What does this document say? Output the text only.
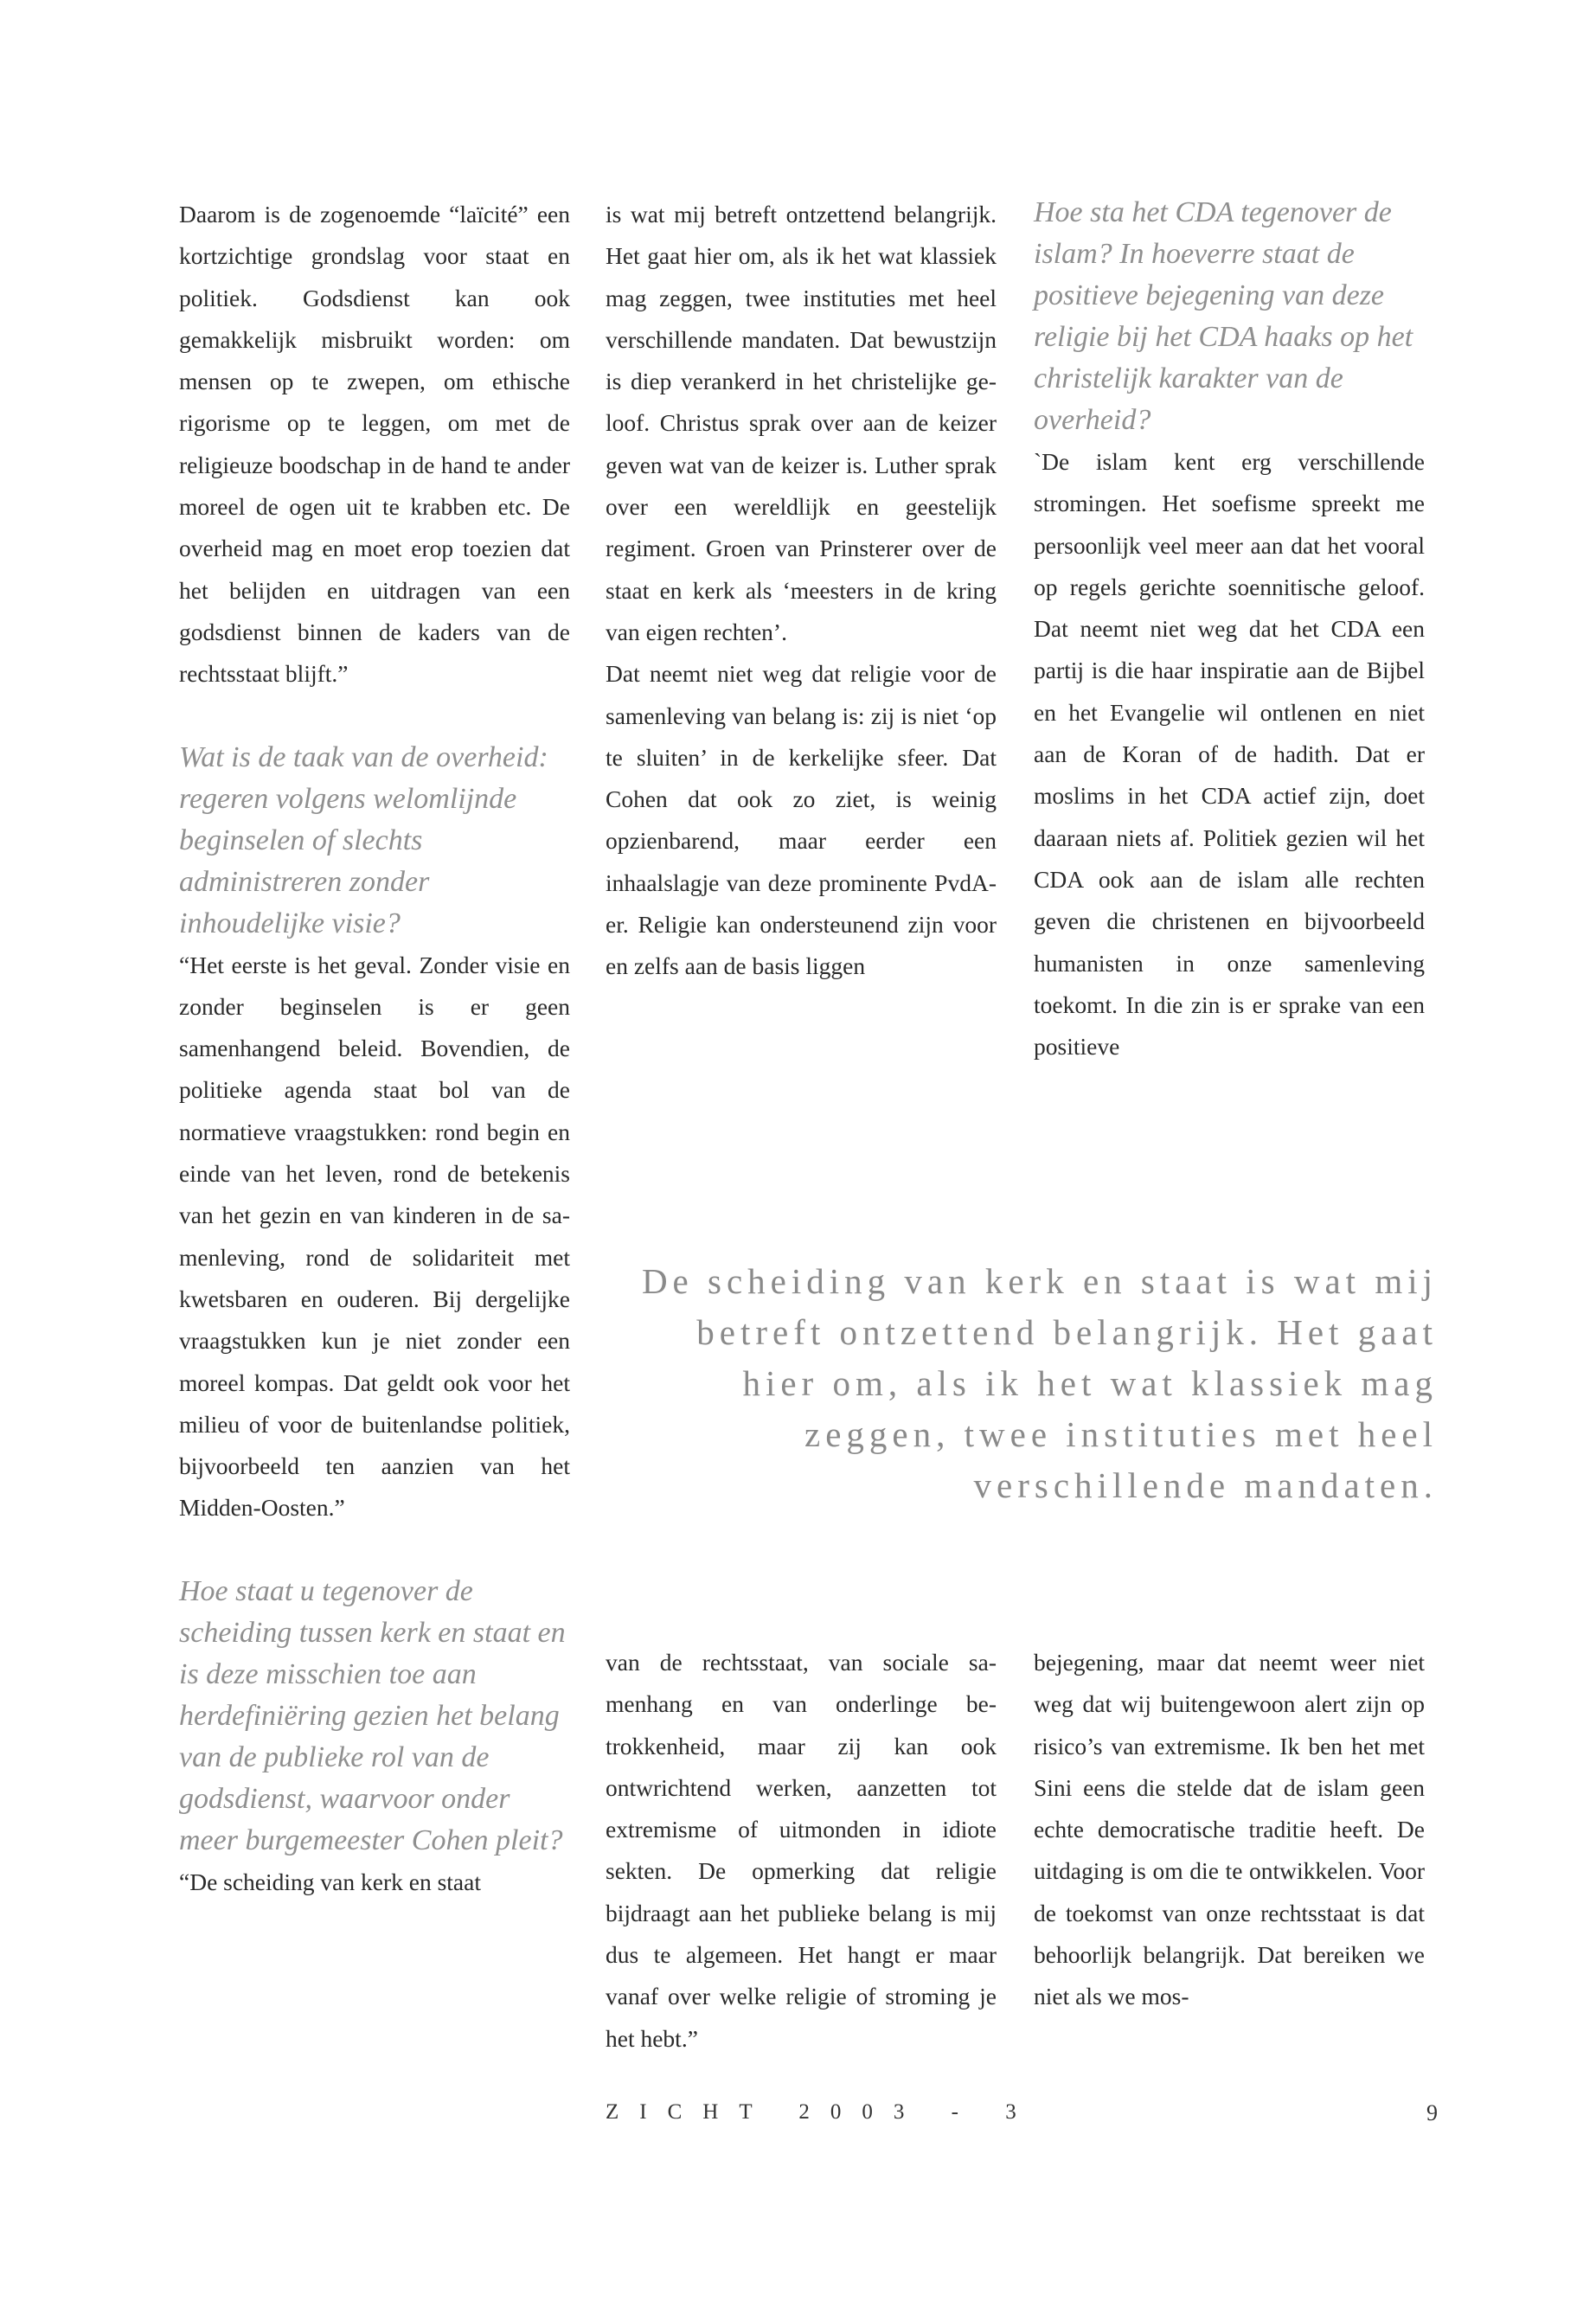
Daarom is de zogenoemde “laïcité” een kortzichtige grondslag voor staat en politiek. Godsdienst kan ook gemakkelijk misbruikt worden: om mensen op te zwepen, om ethische rigorisme op te leggen, om met de religieuze boodschap in de hand te ander moreel de ogen uit te krabben etc. De overheid mag en moet erop toezien dat het belijden en uitdragen van een godsdienst binnen de kaders van de rechtsstaat blijft.”

Wat is de taak van de overheid: regeren volgens welomlijnde beginselen of slechts administreren zonder inhoudelijke visie?

“Het eerste is het geval. Zonder visie en zonder beginselen is er geen samenhangend beleid. Bovendien, de politieke agenda staat bol van de normatieve vraagstukken: rond begin en einde van het leven, rond de betekenis van het gezin en van kinderen in de samenleving, rond de solidariteit met kwetsbaren en ouderen. Bij dergelijke vraagstukken kun je niet zonder een moreel kompas. Dat geldt ook voor het milieu of voor de buitenlandse politiek, bijvoorbeeld ten aanzien van het Midden-Oosten.”

Hoe staat u tegenover de scheiding tussen kerk en staat en is deze misschien toe aan herdefiniëring gezien het belang van de publieke rol van de godsdienst, waarvoor onder meer burgemeester Cohen pleit?

“De scheiding van kerk en staat

is wat mij betreft ontzettend belangrijk. Het gaat hier om, als ik het wat klassiek mag zeggen, twee instituties met heel verschillende mandaten. Dat bewustzijn is diep verankerd in het christelijke geloof. Christus sprak over aan de keizer geven wat van de keizer is. Luther sprak over een wereldlijk en geestelijk regiment. Groen van Prinsterer over de staat en kerk als ‘meesters in de kring van eigen rechten’.

Dat neemt niet weg dat religie voor de samenleving van belang is: zij is niet ‘op te sluiten’ in de kerkelijke sfeer. Dat Cohen dat ook zo ziet, is weinig opzienbarend, maar eerder een inhaalslagje van deze prominente PvdA-er. Religie kan ondersteunend zijn voor en zelfs aan de basis liggen

Hoe sta het CDA tegenover de islam? In hoeverre staat de positieve bejegening van deze religie bij het CDA haaks op het christelijk karakter van de overheid?

`De islam kent erg verschillende stromingen. Het soefisme spreekt me persoonlijk veel meer aan dat het vooral op regels gerichte soennitische geloof. Dat neemt niet weg dat het CDA een partij is die haar inspiratie aan de Bijbel en het Evangelie wil ontlenen en niet aan de Koran of de hadith. Dat er moslims in het CDA actief zijn, doet daaraan niets af. Politiek gezien wil het CDA ook aan de islam alle rechten geven die christenen en bijvoorbeeld humanisten in onze samenleving toekomt. In die zin is er sprake van een positieve

De scheiding van kerk en staat is wat mij
betreft ontzettend belangrijk. Het gaat
hier om, als ik het wat klassiek mag
zeggen, twee instituties met heel
verschillende mandaten.

van de rechtsstaat, van sociale samenhang en van onderlinge betrokkenheid, maar zij kan ook ontwrichtend werken, aanzetten tot extremisme of uitmonden in idiote sekten. De opmerking dat religie bijdraagt aan het publieke belang is mij dus te algemeen. Het hangt er maar vanaf over welke religie of stroming je het hebt.”

bejegening, maar dat neemt weer niet weg dat wij buitengewoon alert zijn op risico’s van extremisme. Ik ben het met Sini eens die stelde dat de islam geen echte democratische traditie heeft. De uitdaging is om die te ontwikkelen. Voor de toekomst van onze rechtsstaat is dat behoorlijk belangrijk. Dat bereiken we niet als we mos-

ZICHT 2003 - 3	9
